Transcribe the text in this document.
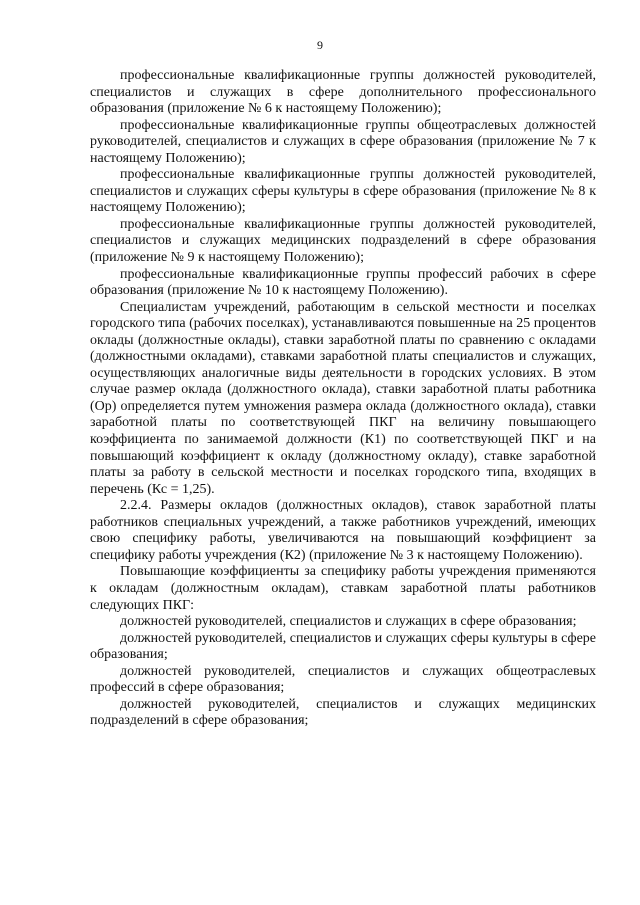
9

профессиональные квалификационные группы должностей руководителей, специалистов и служащих в сфере дополнительного профессионального образования (приложение № 6 к настоящему Положению);

профессиональные квалификационные группы общеотраслевых должностей руководителей, специалистов и служащих в сфере образования (приложение № 7 к настоящему Положению);

профессиональные квалификационные группы должностей руководителей, специалистов и служащих сферы культуры в сфере образования (приложение № 8 к настоящему Положению);

профессиональные квалификационные группы должностей руководителей, специалистов и служащих медицинских подразделений в сфере образования (приложение № 9 к настоящему Положению);

профессиональные квалификационные группы профессий рабочих в сфере образования (приложение № 10 к настоящему Положению).

Специалистам учреждений, работающим в сельской местности и поселках городского типа (рабочих поселках), устанавливаются повышенные на 25 процентов оклады (должностные оклады), ставки заработной платы по сравнению с окладами (должностными окладами), ставками заработной платы специалистов и служащих, осуществляющих аналогичные виды деятельности в городских условиях. В этом случае размер оклада (должностного оклада), ставки заработной платы работника (Ор) определяется путем умножения размера оклада (должностного оклада), ставки заработной платы по соответствующей ПКГ на величину повышающего коэффициента по занимаемой должности (К1) по соответствующей ПКГ и на повышающий коэффициент к окладу (должностному окладу), ставке заработной платы за работу в сельской местности и поселках городского типа, входящих в перечень (Кс = 1,25).

2.2.4. Размеры окладов (должностных окладов), ставок заработной платы работников специальных учреждений, а также работников учреждений, имеющих свою специфику работы, увеличиваются на повышающий коэффициент за специфику работы учреждения (К2) (приложение № 3 к настоящему Положению).

Повышающие коэффициенты за специфику работы учреждения применяются к окладам (должностным окладам), ставкам заработной платы работников следующих ПКГ:

должностей руководителей, специалистов и служащих в сфере образования;

должностей руководителей, специалистов и служащих сферы культуры в сфере образования;

должностей руководителей, специалистов и служащих общеотраслевых профессий в сфере образования;

должностей руководителей, специалистов и служащих медицинских подразделений в сфере образования;
